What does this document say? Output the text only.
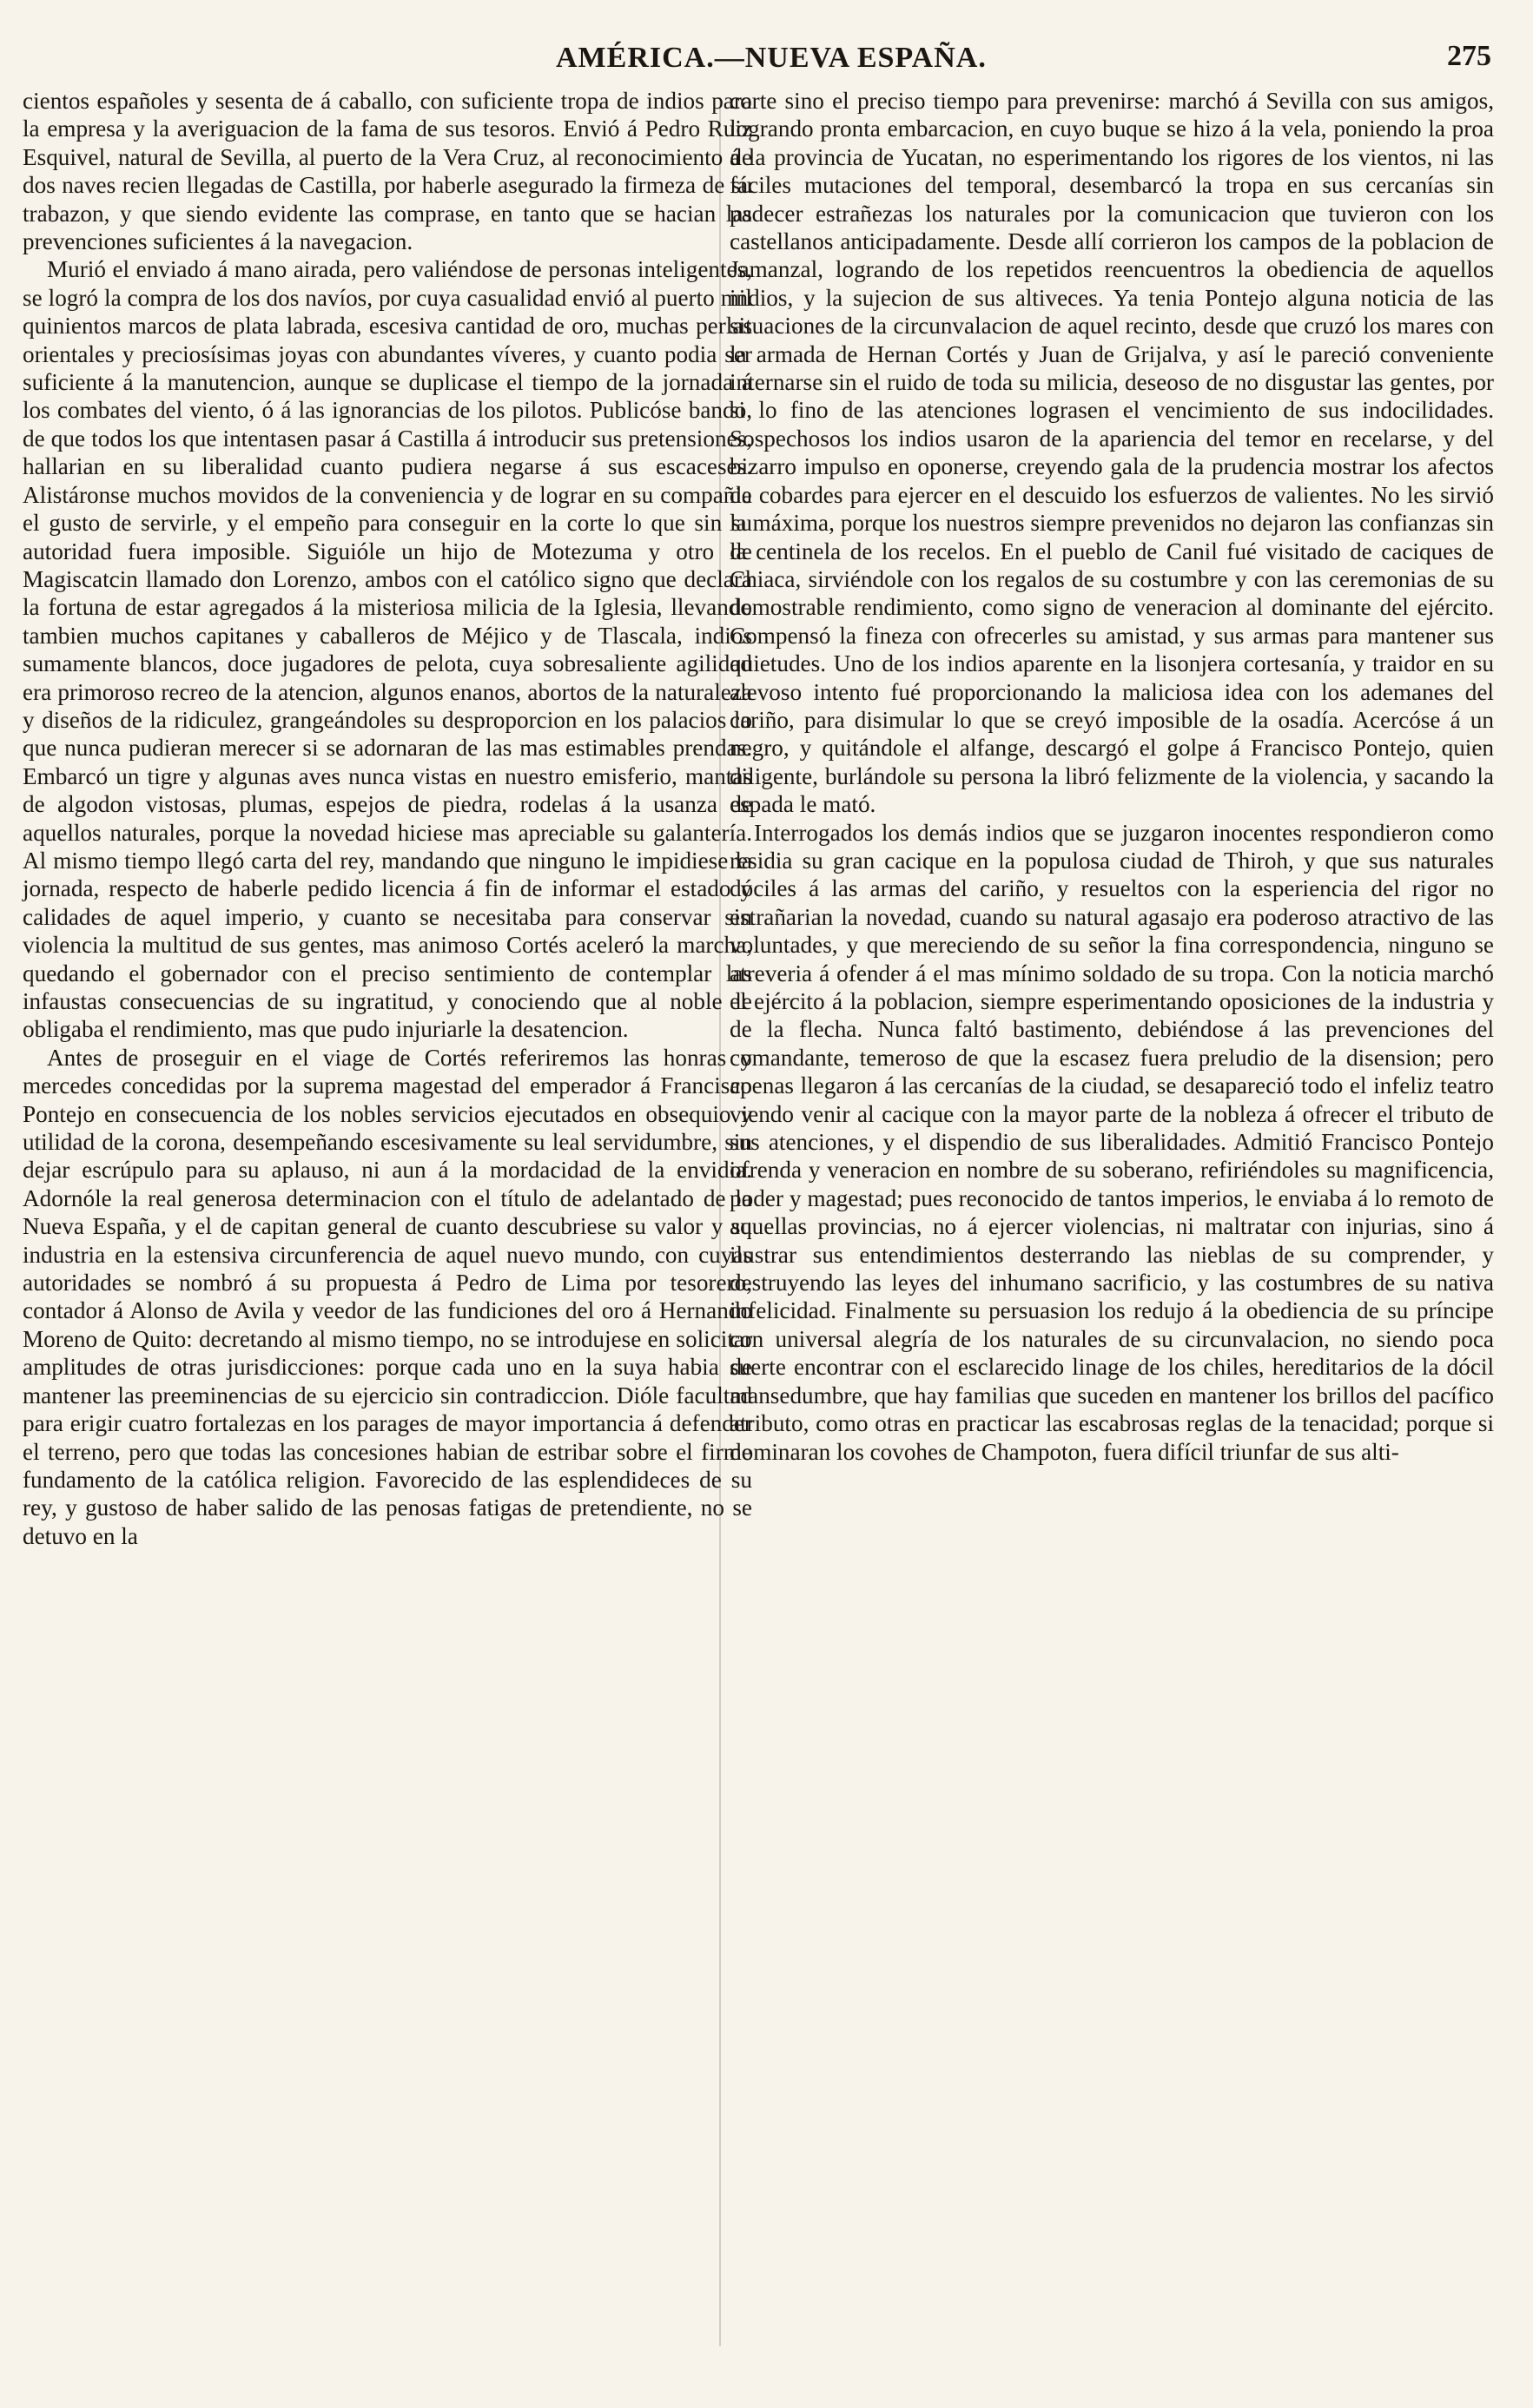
AMÉRICA.—NUEVA ESPAÑA.	275

cientos españoles y sesenta de á caballo, con suficiente tropa de indios para la empresa y la averiguacion de la fama de sus tesoros. Envió á Pedro Ruiz Esquivel, natural de Sevilla, al puerto de la Vera Cruz, al reconocimiento de dos naves recien llegadas de Castilla, por haberle asegurado la firmeza de su trabazon, y que siendo evidente las comprase, en tanto que se hacian las prevenciones suficientes á la navegacion.

Murió el enviado á mano airada, pero valiéndose de personas inteligentes, se logró la compra de los dos navíos, por cuya casualidad envió al puerto mil quinientos marcos de plata labrada, escesiva cantidad de oro, muchas perlas orientales y preciosísimas joyas con abundantes víveres, y cuanto podia ser suficiente á la manutencion, aunque se duplicase el tiempo de la jornada á los combates del viento, ó á las ignorancias de los pilotos. Publicóse bando, de que todos los que intentasen pasar á Castilla á introducir sus pretensiones, hallarian en su liberalidad cuanto pudiera negarse á sus escaceses. Alistáronse muchos movidos de la conveniencia y de lograr en su compañia el gusto de servirle, y el empeño para conseguir en la corte lo que sin su autoridad fuera imposible. Siguióle un hijo de Motezuma y otro de Magiscatcin llamado don Lorenzo, ambos con el católico signo que declara la fortuna de estar agregados á la misteriosa milicia de la Iglesia, llevando tambien muchos capitanes y caballeros de Méjico y de Tlascala, indios sumamente blancos, doce jugadores de pelota, cuya sobresaliente agilidad era primoroso recreo de la atencion, algunos enanos, abortos de la naturaleza y diseños de la ridiculez, grangeándoles su desproporcion en los palacios lo que nunca pudieran merecer si se adornaran de las mas estimables prendas. Embarcó un tigre y algunas aves nunca vistas en nuestro emisferio, mantas de algodon vistosas, plumas, espejos de piedra, rodelas á la usanza de aquellos naturales, porque la novedad hiciese mas apreciable su galantería. Al mismo tiempo llegó carta del rey, mandando que ninguno le impidiese la jornada, respecto de haberle pedido licencia á fin de informar el estado y calidades de aquel imperio, y cuanto se necesitaba para conservar sin violencia la multitud de sus gentes, mas animoso Cortés aceleró la marcha, quedando el gobernador con el preciso sentimiento de contemplar las infaustas consecuencias de su ingratitud, y conociendo que al noble le obligaba el rendimiento, mas que pudo injuriarle la desatencion.

Antes de proseguir en el viage de Cortés referiremos las honras y mercedes concedidas por la suprema magestad del emperador á Francisco Pontejo en consecuencia de los nobles servicios ejecutados en obsequio y utilidad de la corona, desempeñando escesivamente su leal servidumbre, sin dejar escrúpulo para su aplauso, ni aun á la mordacidad de la envidia. Adornóle la real generosa determinacion con el título de adelantado de la Nueva España, y el de capitan general de cuanto descubriese su valor y su industria en la estensiva circunferencia de aquel nuevo mundo, con cuyas autoridades se nombró á su propuesta á Pedro de Lima por tesorero, contador á Alonso de Avila y veedor de las fundiciones del oro á Hernando Moreno de Quito: decretando al mismo tiempo, no se introdujese en solicitar amplitudes de otras jurisdicciones: porque cada uno en la suya habia de mantener las preeminencias de su ejercicio sin contradiccion. Dióle facultad para erigir cuatro fortalezas en los parages de mayor importancia á defender el terreno, pero que todas las concesiones habian de estribar sobre el firme fundamento de la católica religion. Favorecido de las esplendideces de su rey, y gustoso de haber salido de las penosas fatigas de pretendiente, no se detuvo en la

corte sino el preciso tiempo para prevenirse: marchó á Sevilla con sus amigos, logrando pronta embarcacion, en cuyo buque se hizo á la vela, poniendo la proa á la provincia de Yucatan, no esperimentando los rigores de los vientos, ni las fáciles mutaciones del temporal, desembarcó la tropa en sus cercanías sin padecer estrañezas los naturales por la comunicacion que tuvieron con los castellanos anticipadamente. Desde allí corrieron los campos de la poblacion de Jamanzal, logrando de los repetidos reencuentros la obediencia de aquellos indios, y la sujecion de sus altiveces. Ya tenia Pontejo alguna noticia de las situaciones de la circunvalacion de aquel recinto, desde que cruzó los mares con la armada de Hernan Cortés y Juan de Grijalva, y así le pareció conveniente internarse sin el ruido de toda su milicia, deseoso de no disgustar las gentes, por si lo fino de las atenciones lograsen el vencimiento de sus indocilidades. Sospechosos los indios usaron de la apariencia del temor en recelarse, y del bizarro impulso en oponerse, creyendo gala de la prudencia mostrar los afectos de cobardes para ejercer en el descuido los esfuerzos de valientes. No les sirvió la máxima, porque los nuestros siempre prevenidos no dejaron las confianzas sin la centinela de los recelos. En el pueblo de Canil fué visitado de caciques de Chiaca, sirviéndole con los regalos de su costumbre y con las ceremonias de su demostrable rendimiento, como signo de veneracion al dominante del ejército. Compensó la fineza con ofrecerles su amistad, y sus armas para mantener sus quietudes. Uno de los indios aparente en la lisonjera cortesanía, y traidor en su alevoso intento fué proporcionando la maliciosa idea con los ademanes del cariño, para disimular lo que se creyó imposible de la osadía. Acercóse á un negro, y quitándole el alfange, descargó el golpe á Francisco Pontejo, quien diligente, burlándole su persona la libró felizmente de la violencia, y sacando la espada le mató.

Interrogados los demás indios que se juzgaron inocentes respondieron como residia su gran cacique en la populosa ciudad de Thiroh, y que sus naturales dóciles á las armas del cariño, y resueltos con la esperiencia del rigor no estrañarian la novedad, cuando su natural agasajo era poderoso atractivo de las voluntades, y que mereciendo de su señor la fina correspondencia, ninguno se atreveria á ofender á el mas mínimo soldado de su tropa. Con la noticia marchó el ejército á la poblacion, siempre esperimentando oposiciones de la industria y de la flecha. Nunca faltó bastimento, debiéndose á las prevenciones del comandante, temeroso de que la escasez fuera preludio de la disension; pero apenas llegaron á las cercanías de la ciudad, se desapareció todo el infeliz teatro viendo venir al cacique con la mayor parte de la nobleza á ofrecer el tributo de sus atenciones, y el dispendio de sus liberalidades. Admitió Francisco Pontejo ofrenda y veneracion en nombre de su soberano, refiriéndoles su magnificencia, poder y magestad; pues reconocido de tantos imperios, le enviaba á lo remoto de aquellas provincias, no á ejercer violencias, ni maltratar con injurias, sino á ilustrar sus entendimientos desterrando las nieblas de su comprender, y destruyendo las leyes del inhumano sacrificio, y las costumbres de su nativa infelicidad. Finalmente su persuasion los redujo á la obediencia de su príncipe con universal alegría de los naturales de su circunvalacion, no siendo poca suerte encontrar con el esclarecido linage de los chiles, hereditarios de la dócil mansedumbre, que hay familias que suceden en mantener los brillos del pacífico atributo, como otras en practicar las escabrosas reglas de la tenacidad; porque si dominaran los covohes de Champoton, fuera difícil triunfar de sus alti-
